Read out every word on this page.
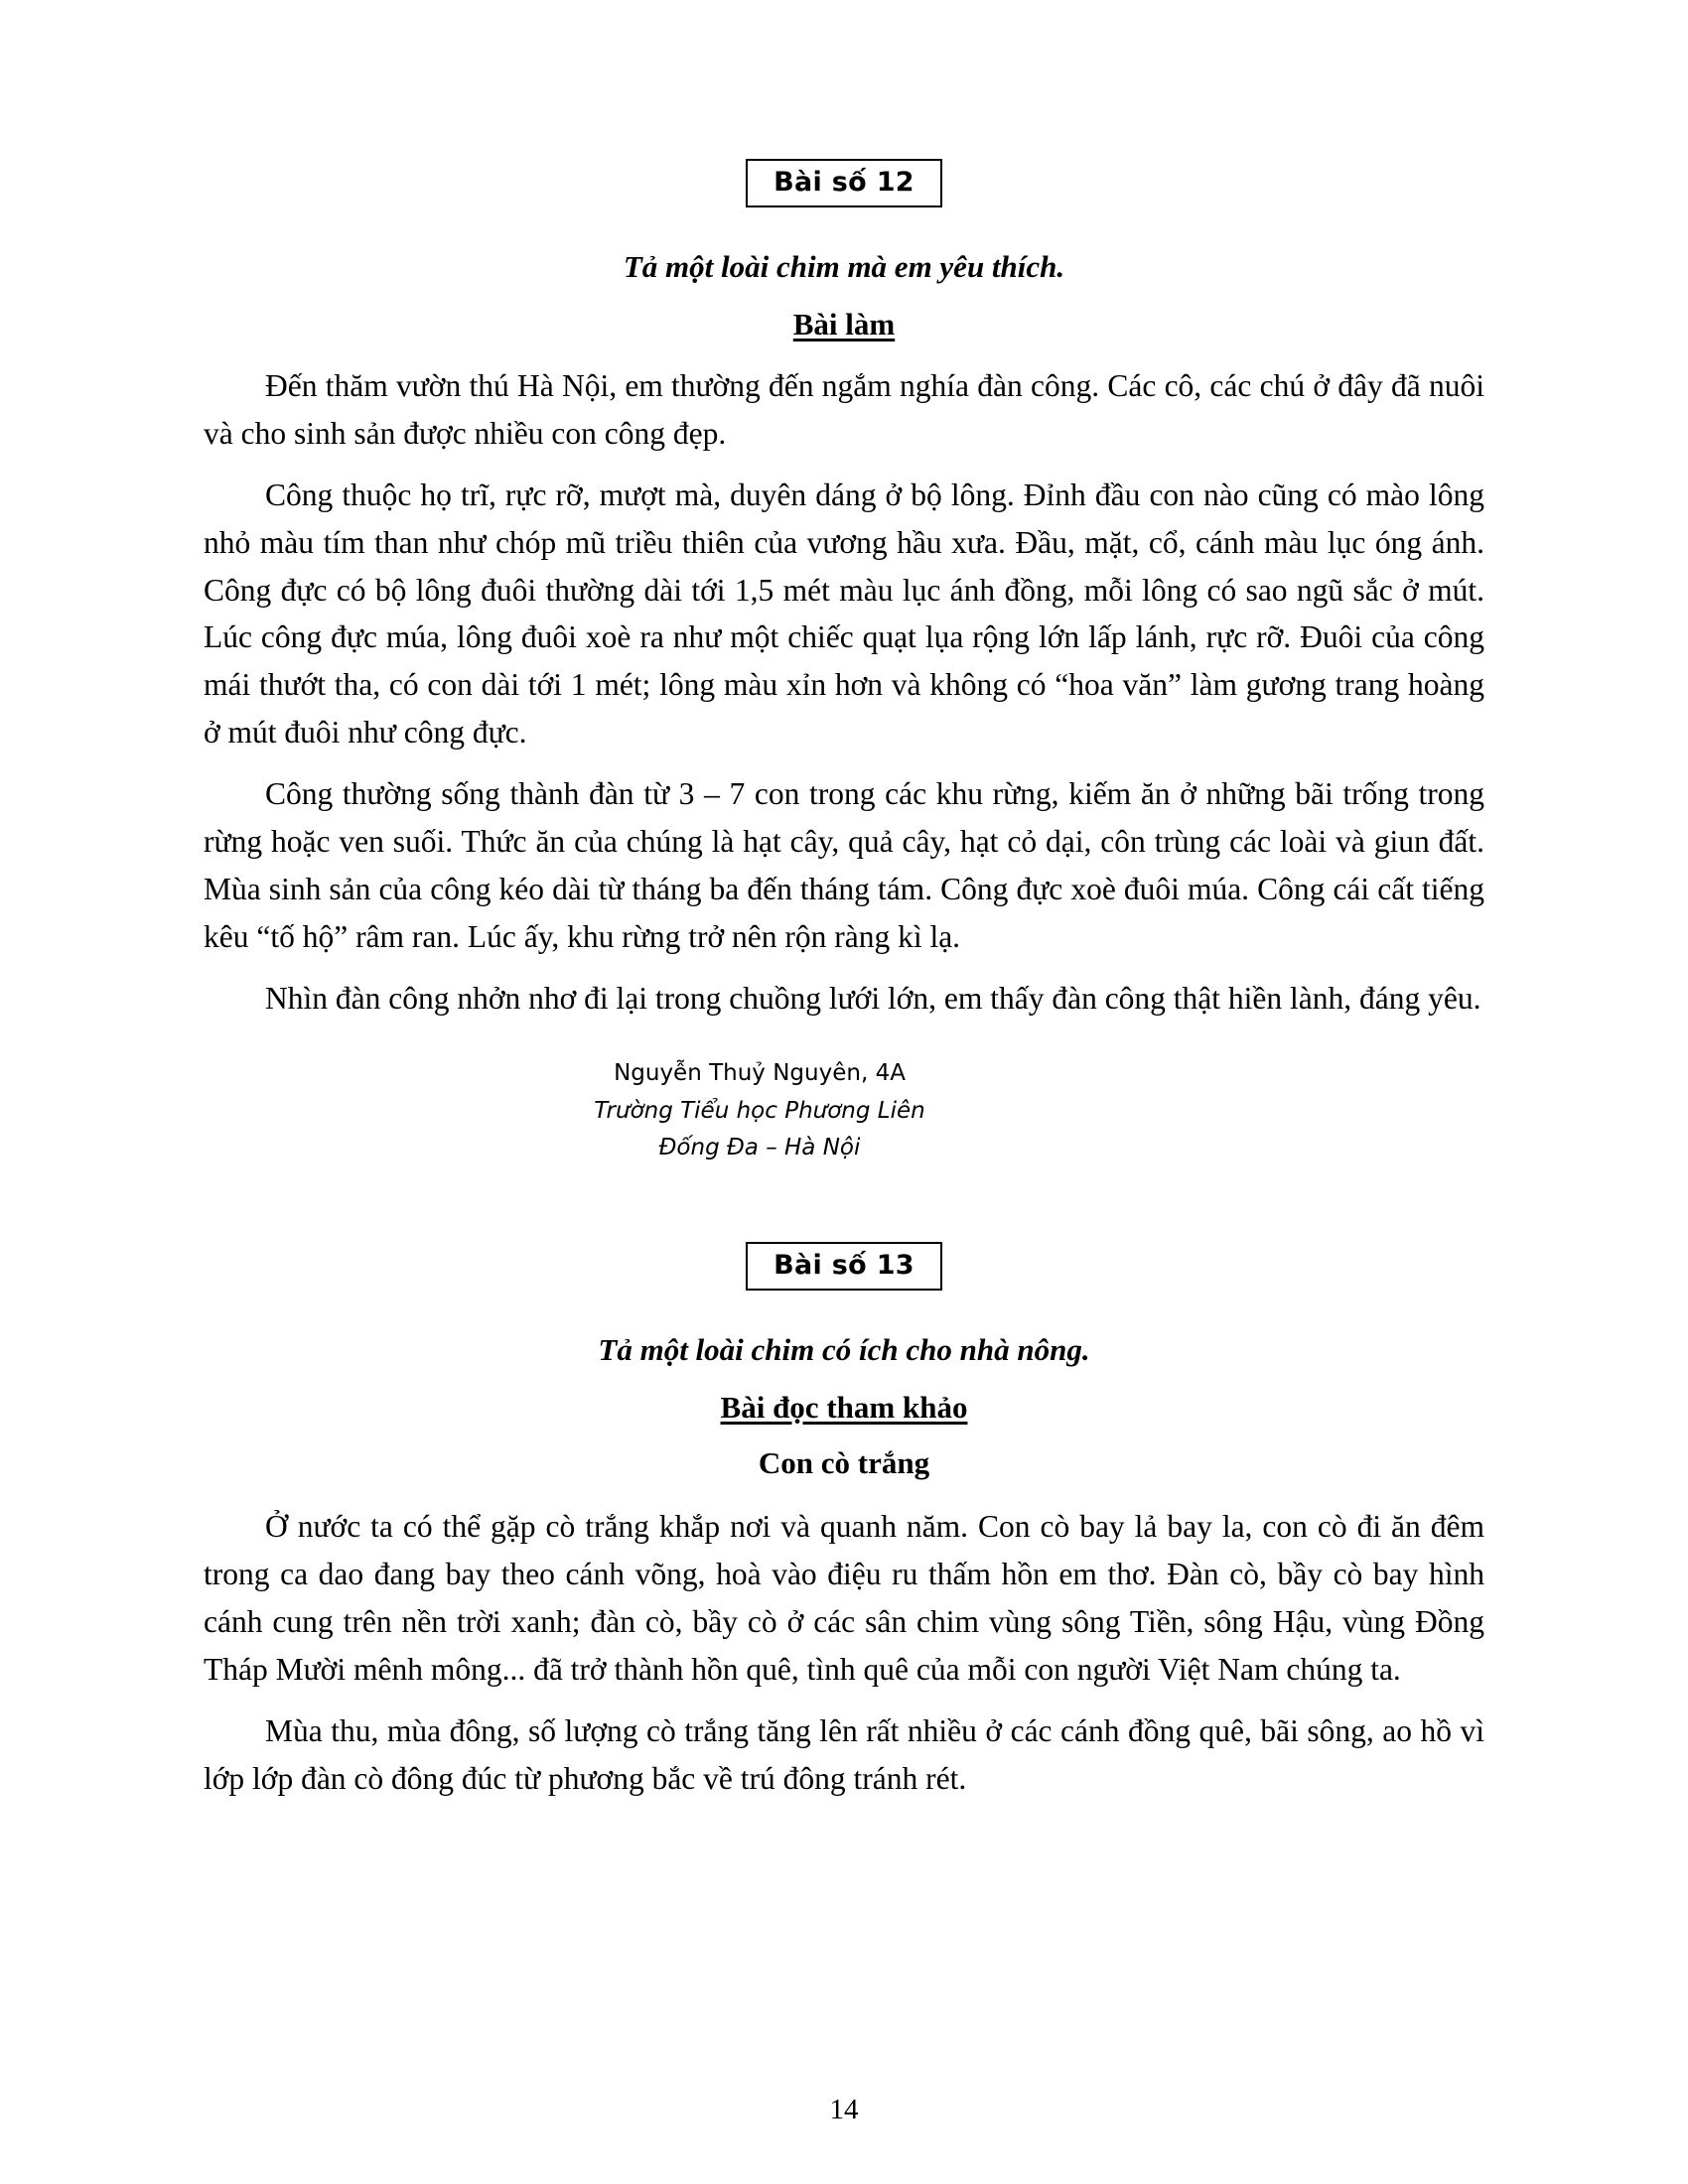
Bài số 12
Tả một loài chim mà em yêu thích.
Bài làm

Đến thăm vườn thú Hà Nội, em thường đến ngắm nghía đàn công. Các cô, các chú ở đây đã nuôi và cho sinh sản được nhiều con công đẹp.

Công thuộc họ trĩ, rực rỡ, mượt mà, duyên dáng ở bộ lông. Đỉnh đầu con nào cũng có mào lông nhỏ màu tím than như chóp mũ triều thiên của vương hầu xưa. Đầu, mặt, cổ, cánh màu lục óng ánh. Công đực có bộ lông đuôi thường dài tới 1,5 mét màu lục ánh đồng, mỗi lông có sao ngũ sắc ở mút. Lúc công đực múa, lông đuôi xoè ra như một chiếc quạt lụa rộng lớn lấp lánh, rực rỡ. Đuôi của công mái thướt tha, có con dài tới 1 mét; lông màu xỉn hơn và không có “hoa văn” làm gương trang hoàng ở mút đuôi như công đực.

Công thường sống thành đàn từ 3 – 7 con trong các khu rừng, kiếm ăn ở những bãi trống trong rừng hoặc ven suối. Thức ăn của chúng là hạt cây, quả cây, hạt cỏ dại, côn trùng các loài và giun đất. Mùa sinh sản của công kéo dài từ tháng ba đến tháng tám. Công đực xoè đuôi múa. Công cái cất tiếng kêu “tố hộ” râm ran. Lúc ấy, khu rừng trở nên rộn ràng kì lạ.

Nhìn đàn công nhởn nhơ đi lại trong chuồng lưới lớn, em thấy đàn công thật hiền lành, đáng yêu.

Nguyễn Thuỷ Nguyên, 4A
Trường Tiểu học Phương Liên
Đống Đa – Hà Nội
Bài số 13
Tả một loài chim có ích cho nhà nông.
Bài đọc tham khảo
Con cò trắng

Ở nước ta có thể gặp cò trắng khắp nơi và quanh năm. Con cò bay lả bay la, con cò đi ăn đêm trong ca dao đang bay theo cánh võng, hoà vào điệu ru thấm hồn em thơ. Đàn cò, bầy cò bay hình cánh cung trên nền trời xanh; đàn cò, bầy cò ở các sân chim vùng sông Tiền, sông Hậu, vùng Đồng Tháp Mười mênh mông... đã trở thành hồn quê, tình quê của mỗi con người Việt Nam chúng ta.

Mùa thu, mùa đông, số lượng cò trắng tăng lên rất nhiều ở các cánh đồng quê, bãi sông, ao hồ vì lớp lớp đàn cò đông đúc từ phương bắc về trú đông tránh rét.

14
